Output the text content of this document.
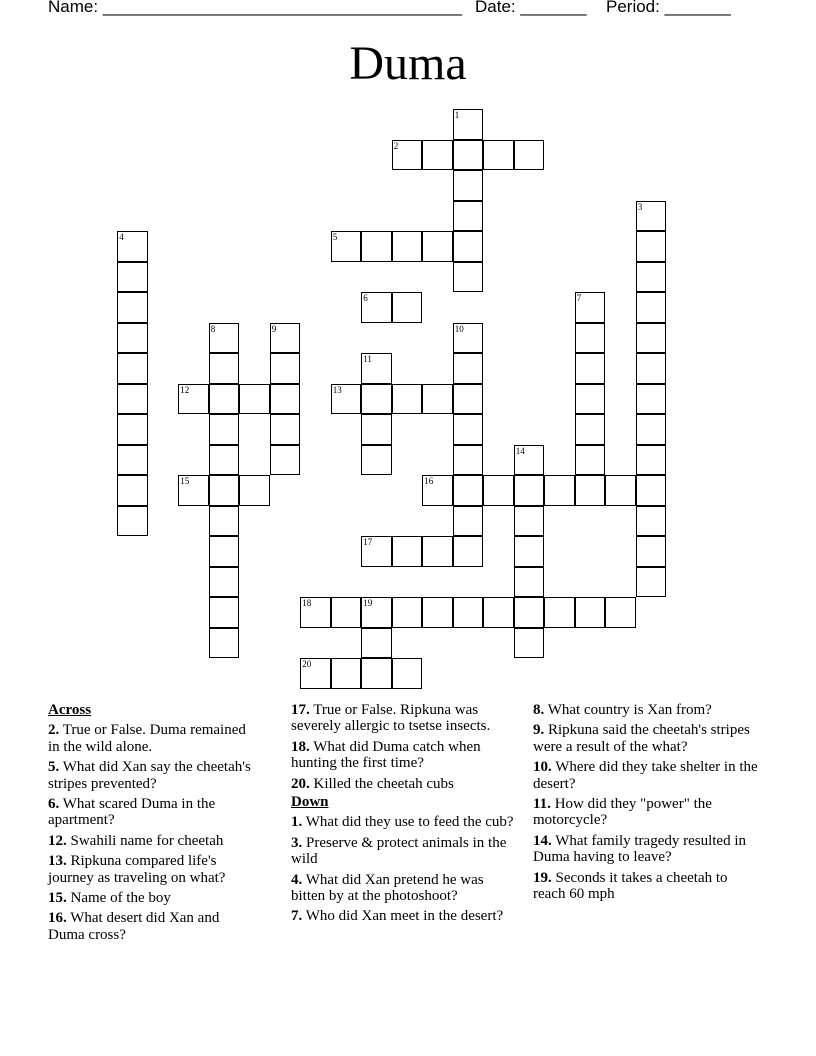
Name: ______________________________________ Date: _______ Period: _______
Duma
1
2
3
4	5
6	7
8	9	10
11
12	13
14
15	16
17
18	19
20
Across
2. True or False. Duma remained in the wild alone.
5. What did Xan say the cheetah's stripes prevented?
6. What scared Duma in the apartment?
12. Swahili name for cheetah
13. Ripkuna compared life's journey as traveling on what?
15. Name of the boy
16. What desert did Xan and Duma cross?
17. True or False. Ripkuna was severely allergic to tsetse insects.
18. What did Duma catch when hunting the first time?
20. Killed the cheetah cubs
Down
1. What did they use to feed the cub?
3. Preserve & protect animals in the wild
4. What did Xan pretend he was bitten by at the photoshoot?
7. Who did Xan meet in the desert?
8. What country is Xan from?
9. Ripkuna said the cheetah's stripes were a result of the what?
10. Where did they take shelter in the desert?
11. How did they "power" the motorcycle?
14. What family tragedy resulted in Duma having to leave?
19. Seconds it takes a cheetah to reach 60 mph
